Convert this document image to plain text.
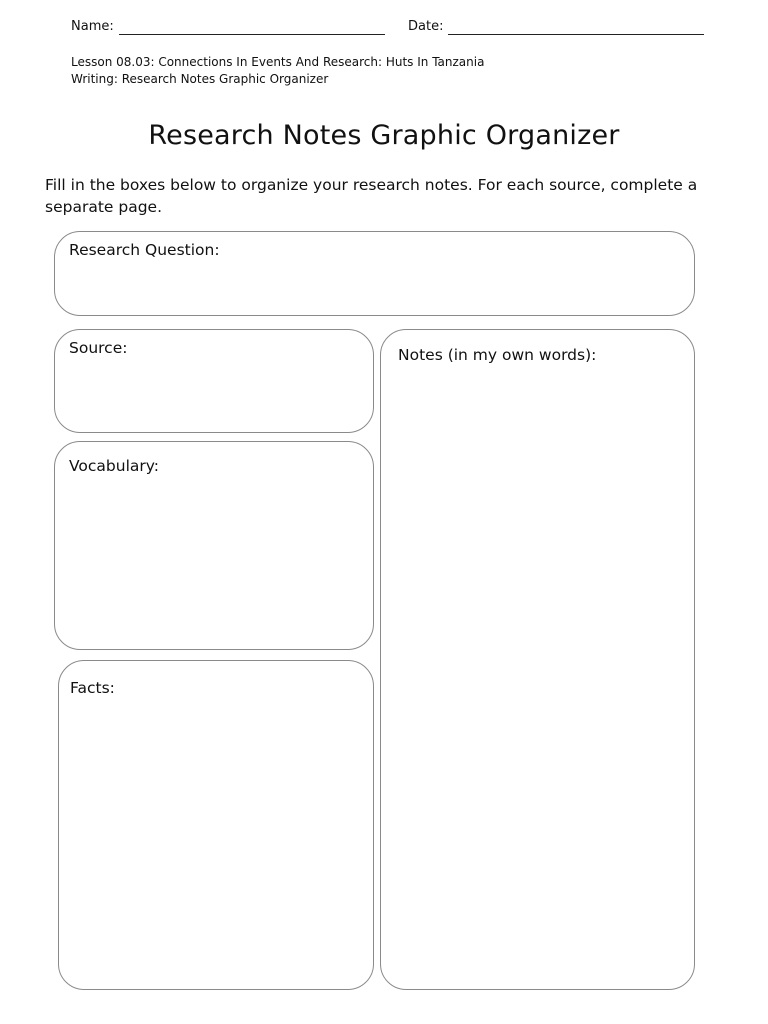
Name:	Date:
Lesson 08.03: Connections In Events And Research: Huts In Tanzania
Writing: Research Notes Graphic Organizer
Research Notes Graphic Organizer
Fill in the boxes below to organize your research notes. For each source, complete a separate page.
Research Question:
Source:
Vocabulary:
Facts:
Notes (in my own words):
